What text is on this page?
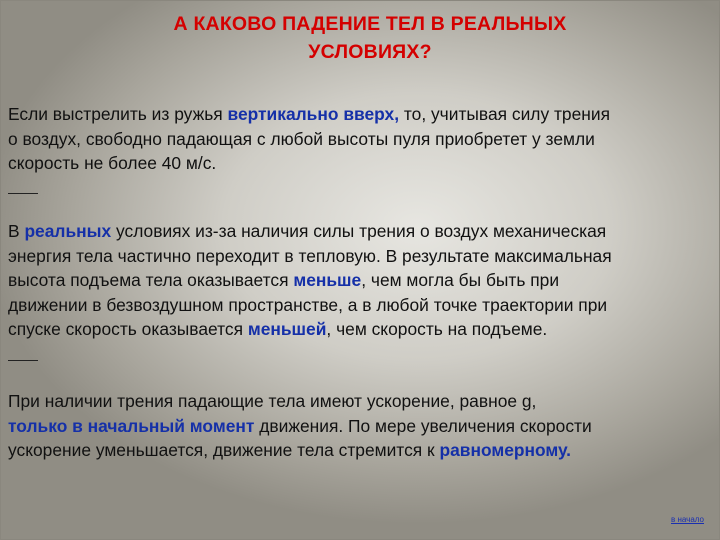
А КАКОВО ПАДЕНИЕ ТЕЛ В РЕАЛЬНЫХ
УСЛОВИЯХ?

Если выстрелить из ружья вертикально вверх, то, учитывая силу трения
о воздух, свободно падающая с любой высоты пуля приобретет у земли
скорость не более 40 м/с.

В реальных условиях из-за наличия силы трения о воздух механическая
энергия тела частично переходит в тепловую. В результате максимальная
высота подъема тела оказывается меньше, чем могла бы быть при
движении в безвоздушном пространстве, а в любой точке траектории при
спуске скорость оказывается меньшей, чем скорость на подъеме.

При наличии трения падающие тела имеют ускорение, равное g,
только в начальный момент движения. По мере увеличения скорости
ускорение уменьшается, движение тела стремится к равномерному.

в начало
